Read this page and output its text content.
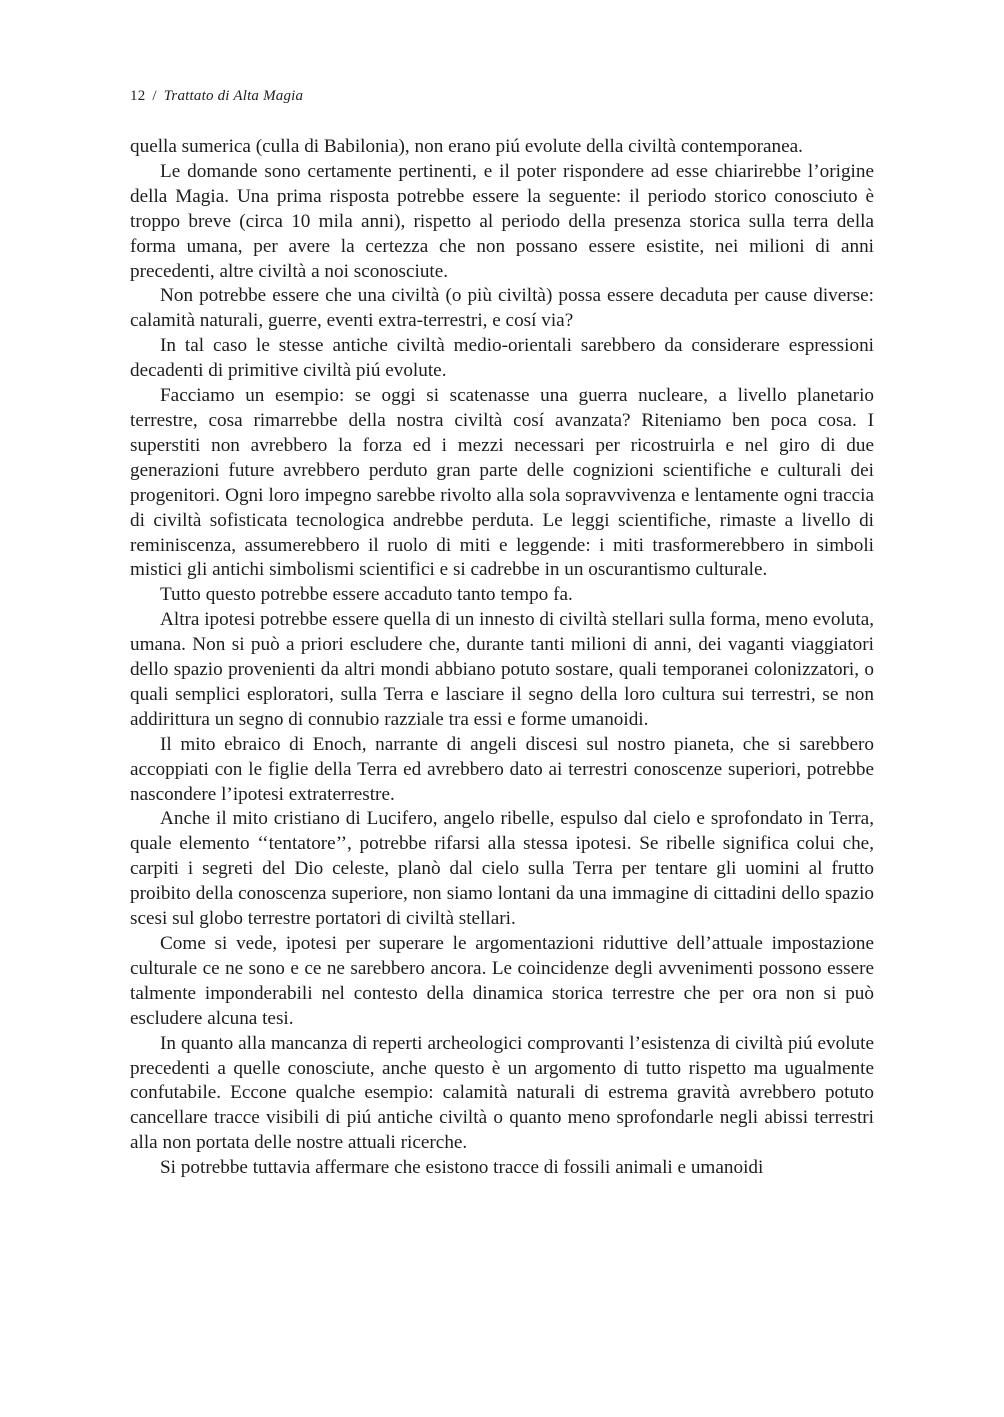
12 / Trattato di Alta Magia

quella sumerica (culla di Babilonia), non erano piú evolute della civiltà contemporanea.

Le domande sono certamente pertinenti, e il poter rispondere ad esse chiarirebbe l’origine della Magia. Una prima risposta potrebbe essere la seguente: il periodo storico conosciuto è troppo breve (circa 10 mila anni), rispetto al periodo della presenza storica sulla terra della forma umana, per avere la certezza che non possano essere esistite, nei milioni di anni precedenti, altre civiltà a noi sconosciute.

Non potrebbe essere che una civiltà (o più civiltà) possa essere decaduta per cause diverse: calamità naturali, guerre, eventi extra-terrestri, e cosí via?

In tal caso le stesse antiche civiltà medio-orientali sarebbero da considerare espressioni decadenti di primitive civiltà piú evolute.

Facciamo un esempio: se oggi si scatenasse una guerra nucleare, a livello planetario terrestre, cosa rimarrebbe della nostra civiltà cosí avanzata? Riteniamo ben poca cosa. I superstiti non avrebbero la forza ed i mezzi necessari per ricostruirla e nel giro di due generazioni future avrebbero perduto gran parte delle cognizioni scientifiche e culturali dei progenitori. Ogni loro impegno sarebbe rivolto alla sola sopravvivenza e lentamente ogni traccia di civiltà sofisticata tecnologica andrebbe perduta. Le leggi scientifiche, rimaste a livello di reminiscenza, assumerebbero il ruolo di miti e leggende: i miti trasformerebbero in simboli mistici gli antichi simbolismi scientifici e si cadrebbe in un oscurantismo culturale.

Tutto questo potrebbe essere accaduto tanto tempo fa.

Altra ipotesi potrebbe essere quella di un innesto di civiltà stellari sulla forma, meno evoluta, umana. Non si può a priori escludere che, durante tanti milioni di anni, dei vaganti viaggiatori dello spazio provenienti da altri mondi abbiano potuto sostare, quali temporanei colonizzatori, o quali semplici esploratori, sulla Terra e lasciare il segno della loro cultura sui terrestri, se non addirittura un segno di connubio razziale tra essi e forme umanoidi.

Il mito ebraico di Enoch, narrante di angeli discesi sul nostro pianeta, che si sarebbero accoppiati con le figlie della Terra ed avrebbero dato ai terrestri conoscenze superiori, potrebbe nascondere l’ipotesi extraterrestre.

Anche il mito cristiano di Lucifero, angelo ribelle, espulso dal cielo e sprofondato in Terra, quale elemento ‘‘tentatore’’, potrebbe rifarsi alla stessa ipotesi. Se ribelle significa colui che, carpiti i segreti del Dio celeste, planò dal cielo sulla Terra per tentare gli uomini al frutto proibito della conoscenza superiore, non siamo lontani da una immagine di cittadini dello spazio scesi sul globo terrestre portatori di civiltà stellari.

Come si vede, ipotesi per superare le argomentazioni riduttive dell’attuale impostazione culturale ce ne sono e ce ne sarebbero ancora. Le coincidenze degli avvenimenti possono essere talmente imponderabili nel contesto della dinamica storica terrestre che per ora non si può escludere alcuna tesi.

In quanto alla mancanza di reperti archeologici comprovanti l’esistenza di civiltà piú evolute precedenti a quelle conosciute, anche questo è un argomento di tutto rispetto ma ugualmente confutabile. Eccone qualche esempio: calamità naturali di estrema gravità avrebbero potuto cancellare tracce visibili di piú antiche civiltà o quanto meno sprofondarle negli abissi terrestri alla non portata delle nostre attuali ricerche.

Si potrebbe tuttavia affermare che esistono tracce di fossili animali e umanoidi
